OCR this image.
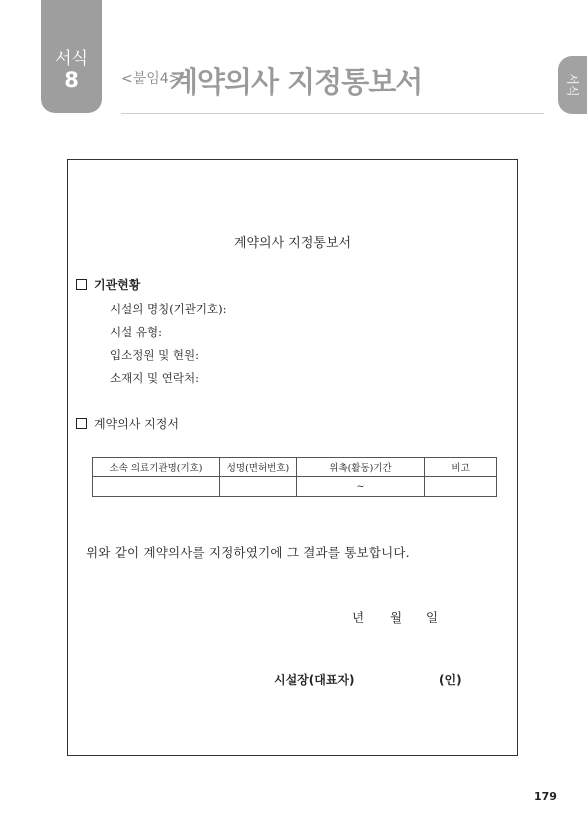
서식
8	<붙임4>
계약의사 지정통보서	서식
계약의사 지정통보서
기관현황
시설의 명칭(기관기호):
시설 유형:
입소정원 및 현원:
소재지 및 연락처:
계약의사 지정서
소속 의료기관명(기호)	성명(면허번호)	위촉(활동)기간	비고
		~	
위와 같이 계약의사를 지정하였기에 그 결과를 통보합니다.
년 월 일
시설장(대표자)	(인)
179
